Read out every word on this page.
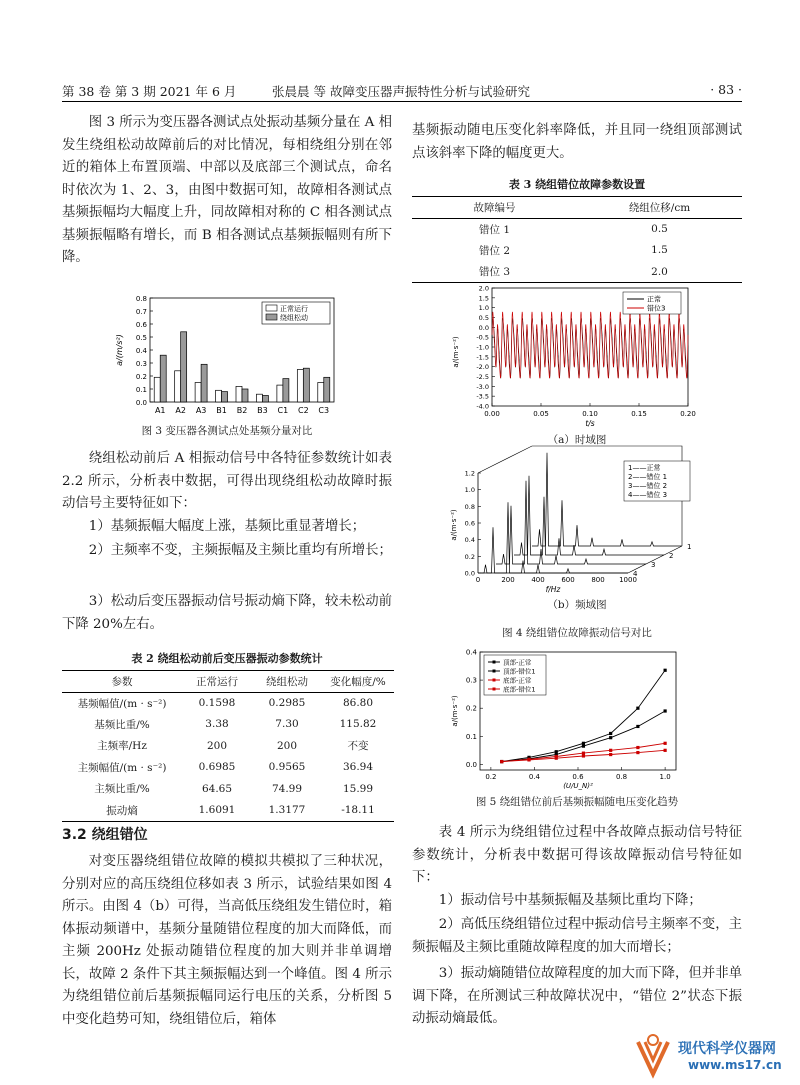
第 38 卷 第 3 期 2021 年 6 月	张晨晨 等 故障变压器声振特性分析与试验研究	· 83 ·
图 3 所示为变压器各测试点处振动基频分量在 A 相发生绕组松动故障前后的对比情况，每相绕组分别在邻近的箱体上布置顶端、中部以及底部三个测试点，命名时依次为 1、2、3，由图中数据可知，故障相各测试点基频振幅均大幅度上升，同故障相对称的 C 相各测试点基频振幅略有增长，而 B 相各测试点基频振幅则有所下降。
0.0
0.1
0.2
0.3
0.4
0.5
0.6
0.7
0.8
a/(m/s²)
A1 A2 A3 B1 B2 B3 C1 C2 C3
正常运行
绕组松动
图 3 变压器各测试点处基频分量对比
绕组松动前后 A 相振动信号中各特征参数统计如表 2.2 所示，分析表中数据，可得出现绕组松动故障时振动信号主要特征如下：
1）基频振幅大幅度上涨，基频比重显著增长；
2）主频率不变，主频振幅及主频比重均有所增长；
3）松动后变压器振动信号振动熵下降，较未松动前下降 20%左右。
表 2 绕组松动前后变压器振动参数统计
参数	正常运行	绕组松动	变化幅度/%
基频幅值/(m · s⁻²)	0.1598	0.2985	86.80
基频比重/%	3.38	7.30	115.82
主频率/Hz	200	200	不变
主频幅值/(m · s⁻²)	0.6985	0.9565	36.94
主频比重/%	64.65	74.99	15.99
振动熵	1.6091	1.3177	-18.11
3.2 绕组错位
对变压器绕组错位故障的模拟共模拟了三种状况，分别对应的高压绕组位移如表 3 所示，试验结果如图 4 所示。由图 4（b）可得，当高低压绕组发生错位时，箱体振动频谱中，基频分量随错位程度的加大而降低，而主频 200Hz 处振动随错位程度的加大则并非单调增长，故障 2 条件下其主频振幅达到一个峰值。图 4 所示为绕组错位前后基频振幅同运行电压的关系，分析图 5 中变化趋势可知，绕组错位后，箱体
基频振动随电压变化斜率降低，并且同一绕组顶部测试点该斜率下降的幅度更大。
表 3 绕组错位故障参数设置
故障编号	绕组位移/cm
错位 1	0.5
错位 2	1.5
错位 3	2.0
2.0
1.5
1.0
0.5
0.0
-0.5
-1.0
-1.5
-2.0
-2.5
-3.0
-3.5
-4.0
0.00	0.05	0.10	0.15	0.20
t/s
a/(m·s⁻²)
正常
错位3
（a）时域图
0.0
0.2
0.4
0.6
0.8
1.0
1.2
a/(m·s⁻²)
0	200 400 600 800 1000
f/Hz
1
2
3
4
1——正常
2——错位 1
3——错位 2
4——错位 3
（b）频域图
图 4 绕组错位故障振动信号对比
0.0
0.1
0.2
0.3
0.4
0.2	0.4	0.6	0.8	1.0
(U/U_N)²
a/(m·s⁻²)
顶部-正常
顶部-错位1
底部-正常
底部-错位1
图 5 绕组错位前后基频振幅随电压变化趋势
表 4 所示为绕组错位过程中各故障点振动信号特征参数统计，分析表中数据可得该故障振动信号特征如下：
1）振动信号中基频振幅及基频比重均下降；
2）高低压绕组错位过程中振动信号主频率不变，主频振幅及主频比重随故障程度的加大而增长；
3）振动熵随错位故障程度的加大而下降，但并非单调下降，在所测试三种故障状况中，“错位 2”状态下振动振动熵最低。
现代科学仪器网
www.ms17.cn
